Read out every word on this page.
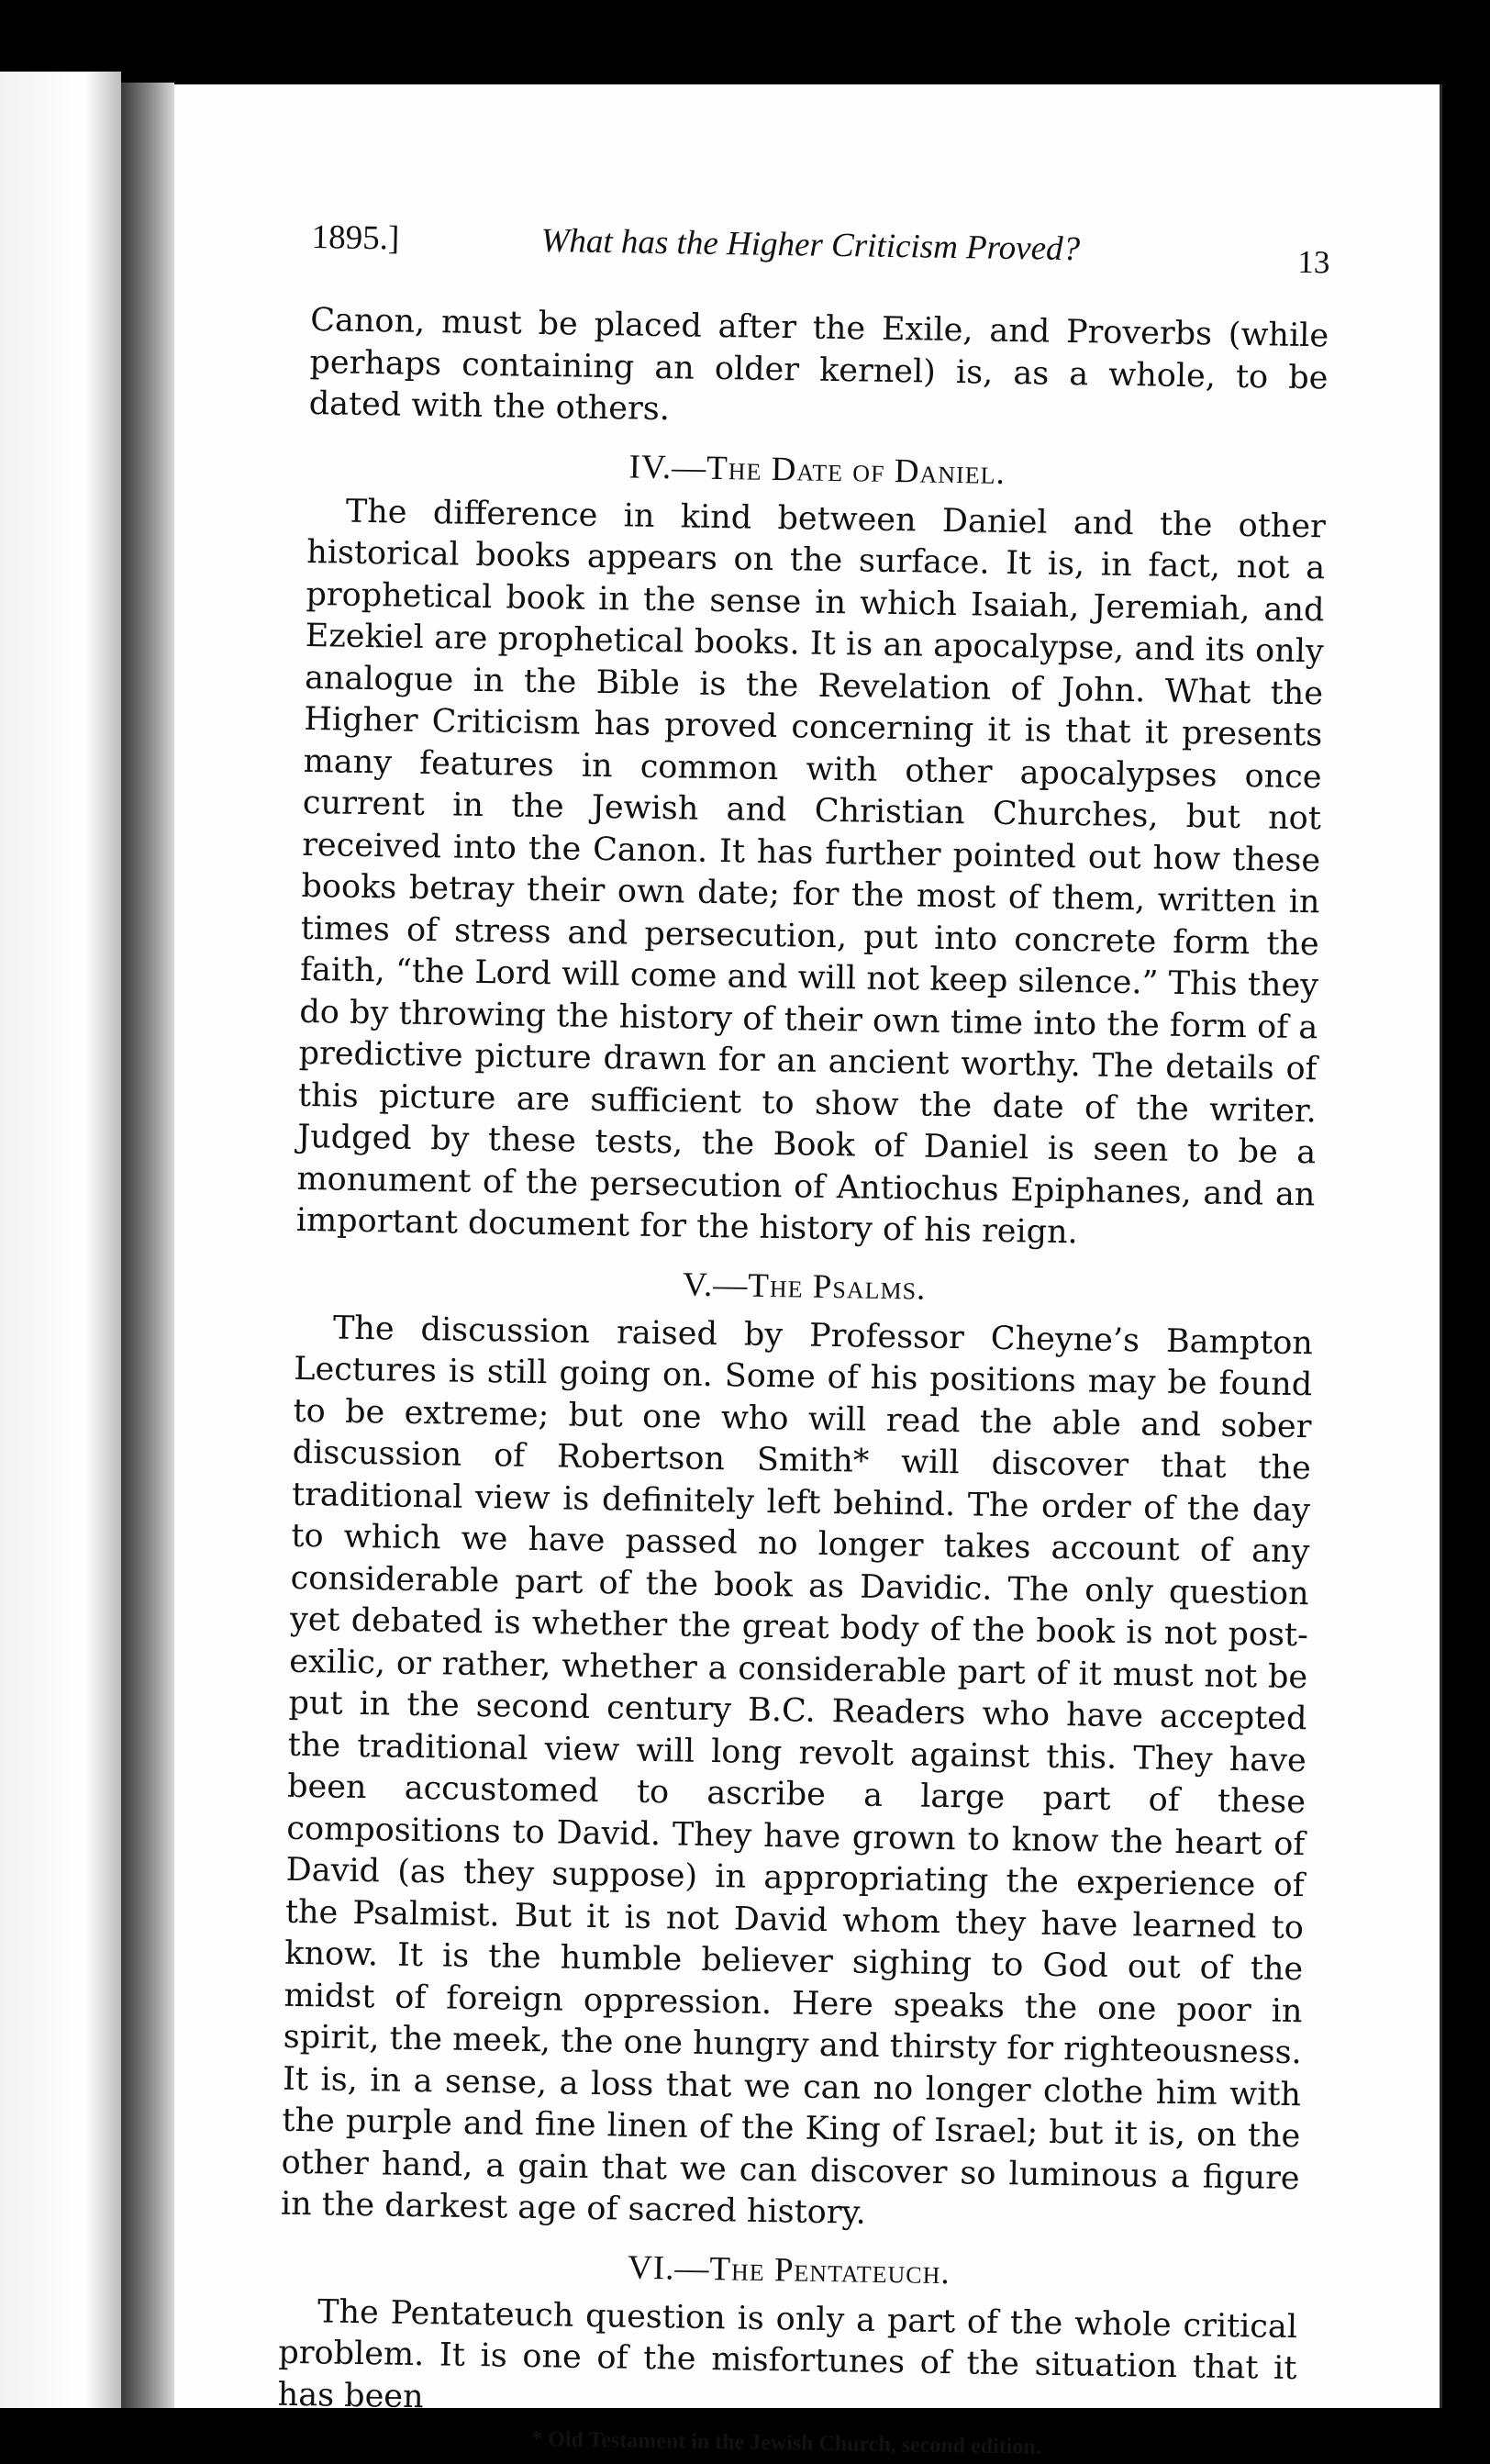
1895.]	What has the Higher Criticism Proved?	13

Canon, must be placed after the Exile, and Proverbs (while perhaps containing an older kernel) is, as a whole, to be dated with the others.

IV.—The Date of Daniel.

The difference in kind between Daniel and the other historical books appears on the surface. It is, in fact, not a prophetical book in the sense in which Isaiah, Jeremiah, and Ezekiel are prophetical books. It is an apocalypse, and its only analogue in the Bible is the Revelation of John. What the Higher Criticism has proved concerning it is that it presents many features in common with other apocalypses once current in the Jewish and Christian Churches, but not received into the Canon. It has further pointed out how these books betray their own date; for the most of them, written in times of stress and persecution, put into concrete form the faith, “the Lord will come and will not keep silence.” This they do by throwing the history of their own time into the form of a predictive picture drawn for an ancient worthy. The details of this picture are sufficient to show the date of the writer. Judged by these tests, the Book of Daniel is seen to be a monument of the persecution of Antiochus Epiphanes, and an important document for the history of his reign.

V.—The Psalms.

The discussion raised by Professor Cheyne’s Bampton Lectures is still going on. Some of his positions may be found to be extreme; but one who will read the able and sober discussion of Robertson Smith* will discover that the traditional view is definitely left behind. The order of the day to which we have passed no longer takes account of any considerable part of the book as Davidic. The only question yet debated is whether the great body of the book is not post-exilic, or rather, whether a considerable part of it must not be put in the second century B.C. Readers who have accepted the traditional view will long revolt against this. They have been accustomed to ascribe a large part of these compositions to David. They have grown to know the heart of David (as they suppose) in appropriating the experience of the Psalmist. But it is not David whom they have learned to know. It is the humble believer sighing to God out of the midst of foreign oppression. Here speaks the one poor in spirit, the meek, the one hungry and thirsty for righteousness. It is, in a sense, a loss that we can no longer clothe him with the purple and fine linen of the King of Israel; but it is, on the other hand, a gain that we can discover so luminous a figure in the darkest age of sacred history.

VI.—The Pentateuch.

The Pentateuch question is only a part of the whole critical problem. It is one of the misfortunes of the situation that it has been

* Old Testament in the Jewish Church, second edition.
